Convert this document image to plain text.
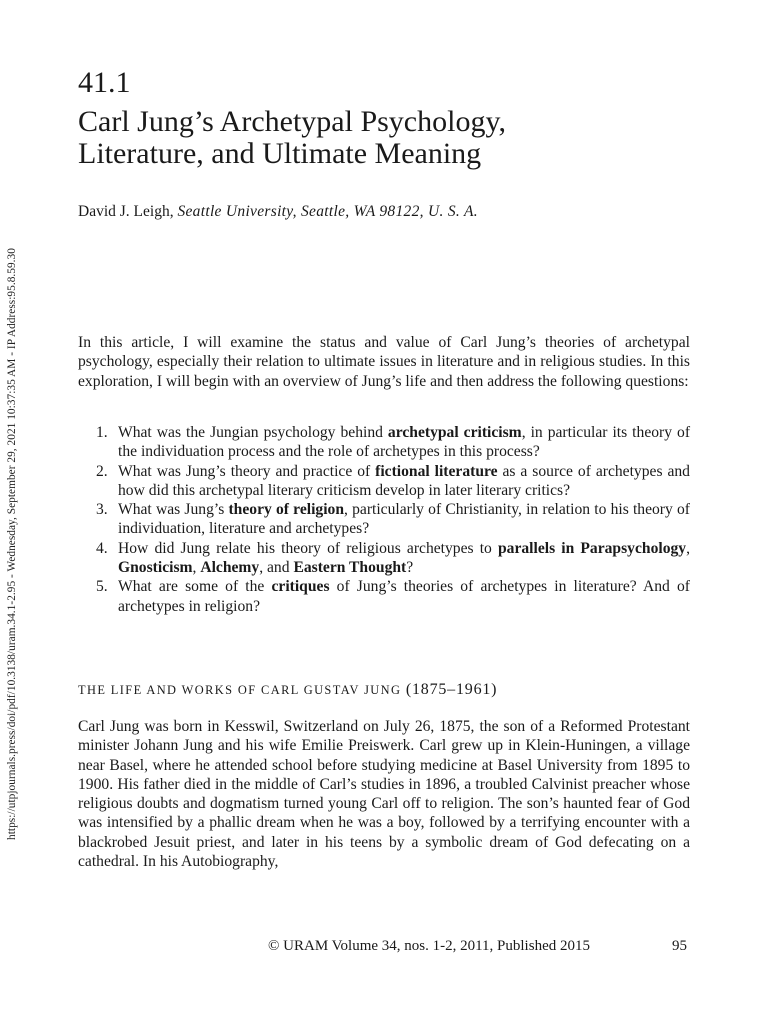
https://utpjournals.press/doi/pdf/10.3138/uram.34.1-2.95 - Wednesday, September 29, 2021 10:37:35 AM - IP Address:95.8.59.30
41.1
Carl Jung’s Archetypal Psychology,
Literature, and Ultimate Meaning
David J. Leigh, Seattle University, Seattle, WA 98122, U. S. A.

In this article, I will examine the status and value of Carl Jung’s theories of archetypal psychology, especially their relation to ultimate issues in literature and in religious studies. In this exploration, I will begin with an overview of Jung’s life and then address the following questions:

1. What was the Jungian psychology behind archetypal criticism, in particular its theory of the individuation process and the role of archetypes in this process?
2. What was Jung’s theory and practice of fictional literature as a source of archetypes and how did this archetypal literary criticism develop in later literary critics?
3. What was Jung’s theory of religion, particularly of Christianity, in relation to his theory of individuation, literature and archetypes?
4. How did Jung relate his theory of religious archetypes to parallels in Parapsychology, Gnosticism, Alchemy, and Eastern Thought?
5. What are some of the critiques of Jung’s theories of archetypes in literature? And of archetypes in religion?
THE LIFE AND WORKS OF CARL GUSTAV JUNG (1875–1961)

Carl Jung was born in Kesswil, Switzerland on July 26, 1875, the son of a Reformed Protestant minister Johann Jung and his wife Emilie Preiswerk. Carl grew up in Klein-Huningen, a village near Basel, where he attended school before studying medicine at Basel University from 1895 to 1900. His father died in the middle of Carl’s studies in 1896, a troubled Calvinist preacher whose religious doubts and dogmatism turned young Carl off to religion. The son’s haunted fear of God was intensified by a phallic dream when he was a boy, followed by a terrifying encounter with a blackrobed Jesuit priest, and later in his teens by a symbolic dream of God defecating on a cathedral. In his Autobiography,

© URAM Volume 34, nos. 1-2, 2011, Published 2015	95
